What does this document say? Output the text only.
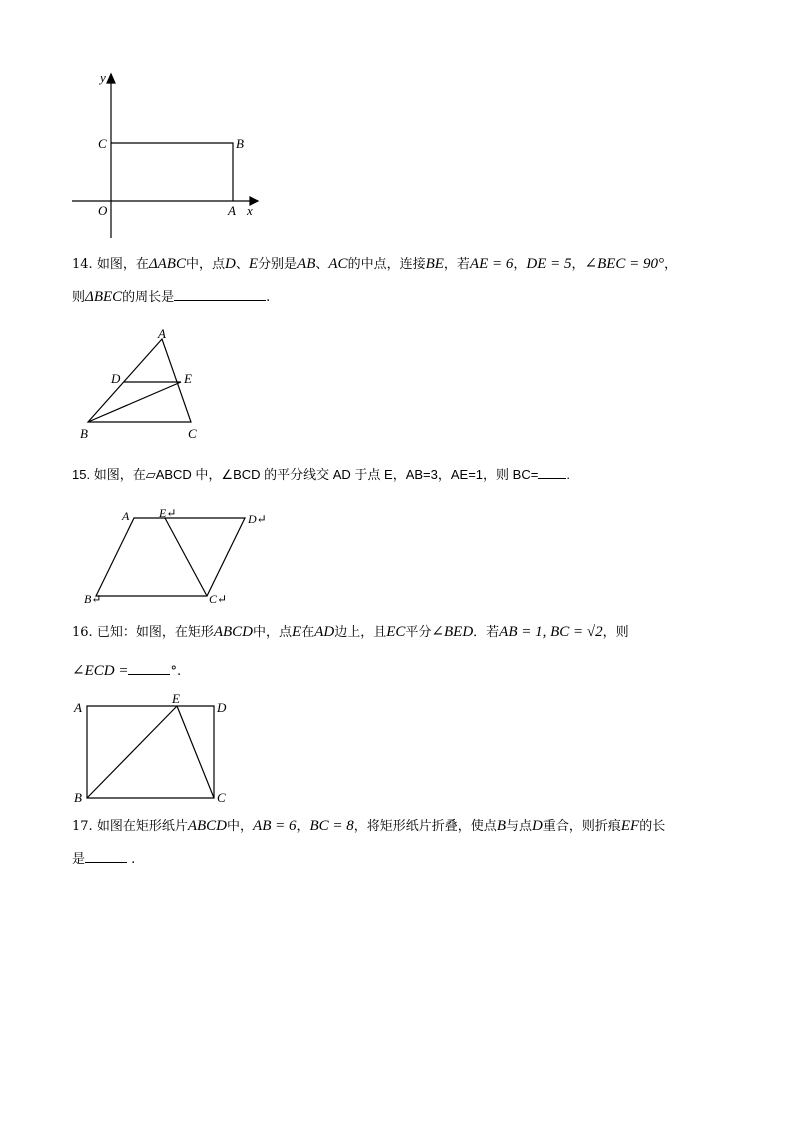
y
C	B
O	A x
14. 如图，在ΔABC中，点D、E分别是AB、AC的中点，连接BE，若AE = 6，DE = 5，∠BEC = 90°，
则ΔBEC的周长是	.
A
D	E
B	C
15. 如图，在▱ABCD 中，∠BCD 的平分线交 AD 于点 E，AB=3，AE=1，则 BC= .
A E↵	D↵
B↵	C↵
16. 已知：如图，在矩形ABCD中，点E在AD边上，且EC平分∠BED．若AB = 1, BC = √2，则
∠ECD =	°.
A
E
D
B	C
17. 如图在矩形纸片ABCD中，AB = 6，BC = 8，将矩形纸片折叠，使点B与点D重合，则折痕EF的长
是	.
